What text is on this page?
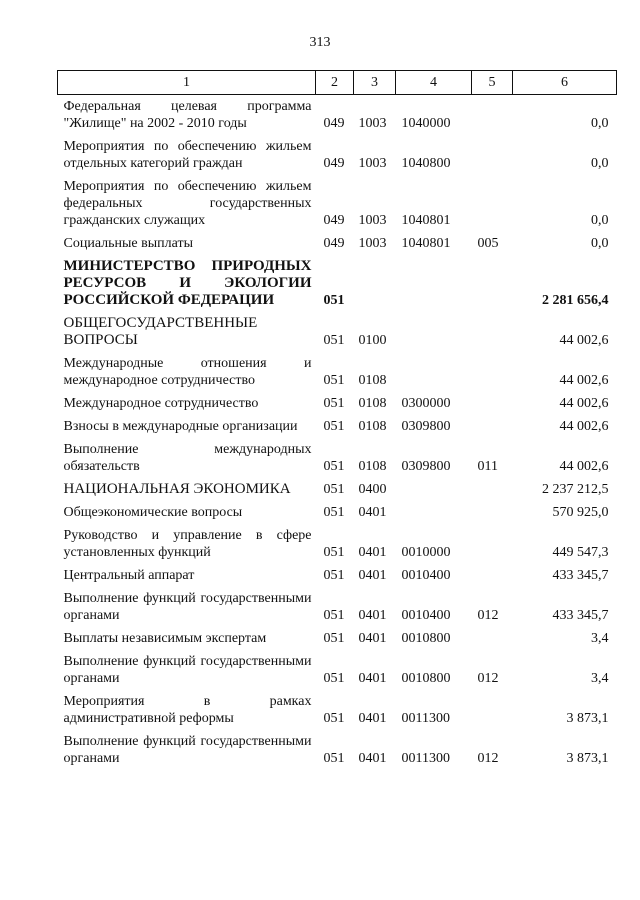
313
1	2	3	4	5	6
Федеральная целевая программа "Жилище" на 2002 - 2010 годы	049	1003	1040000		0,0
Мероприятия по обеспечению жильем отдельных категорий граждан	049	1003	1040800		0,0
Мероприятия по обеспечению жильем федеральных государственных гражданских служащих	049	1003	1040801		0,0
Социальные выплаты	049	1003	1040801	005	0,0
МИНИСТЕРСТВО ПРИРОДНЫХ РЕСУРСОВ И ЭКОЛОГИИ РОССИЙСКОЙ ФЕДЕРАЦИИ	051				2 281 656,4
ОБЩЕГОСУДАРСТВЕННЫЕ ВОПРОСЫ	051	0100			44 002,6
Международные отношения и международное сотрудничество	051	0108			44 002,6
Международное сотрудничество	051	0108	0300000		44 002,6
Взносы в международные организации	051	0108	0309800		44 002,6
Выполнение международных обязательств	051	0108	0309800	011	44 002,6
НАЦИОНАЛЬНАЯ ЭКОНОМИКА	051	0400			2 237 212,5
Общеэкономические вопросы	051	0401			570 925,0
Руководство и управление в сфере установленных функций	051	0401	0010000		449 547,3
Центральный аппарат	051	0401	0010400		433 345,7
Выполнение функций государственными органами	051	0401	0010400	012	433 345,7
Выплаты независимым экспертам	051	0401	0010800		3,4
Выполнение функций государственными органами	051	0401	0010800	012	3,4
Мероприятия в рамках административной реформы	051	0401	0011300		3 873,1
Выполнение функций государственными органами	051	0401	0011300	012	3 873,1
